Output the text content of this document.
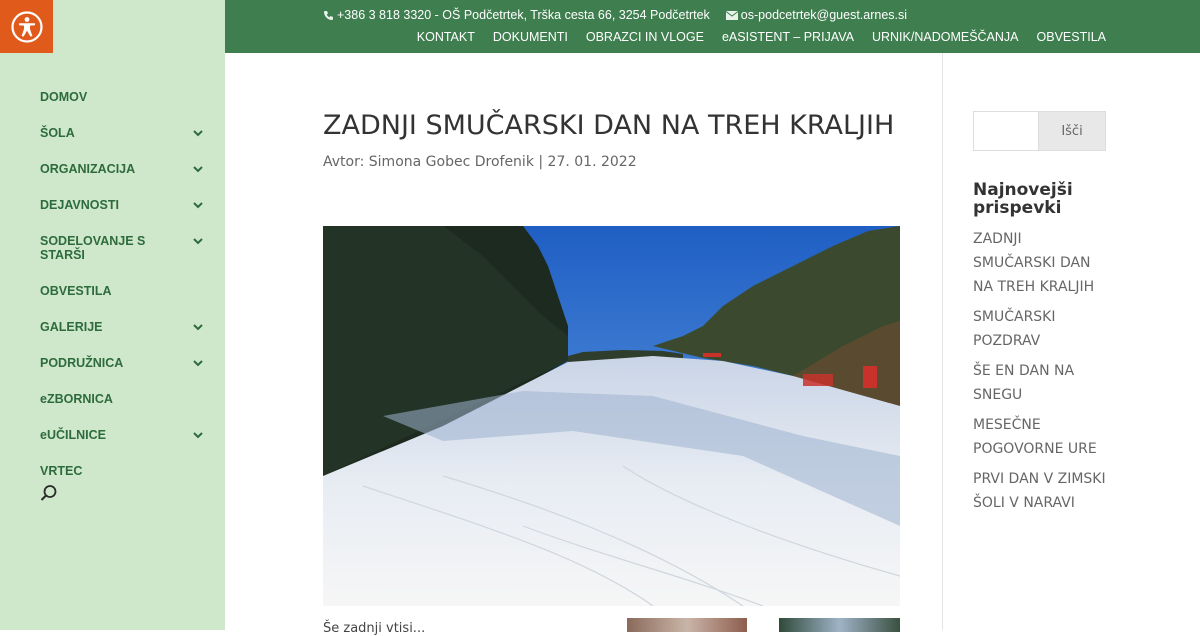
DOMOV
ŠOLA
ORGANIZACIJA
DEJAVNOSTI
SODELOVANJE S STARŠI
OBVESTILA
GALERIJE
PODRUŽNICA
eZBORNICA
eUČILNICE
VRTEC
+386 3 818 3320 - OŠ Podčetrtek, Trška cesta 66, 3254 Podčetrtek os-podcetrtek@guest.arnes.si
KONTAKT DOKUMENTI OBRAZCI IN VLOGE eASISTENT – PRIJAVA URNIK/NADOMEŠČANJA OBVESTILA
ZADNJI SMUČARSKI DAN NA TREH KRALJIH
Avtor: Simona Gobec Drofenik | 27. 01. 2022
Še zadnji vtisi...
Išči
Najnovejši prispevki
ZADNJI SMUČARSKI DAN NA TREH KRALJIH
SMUČARSKI POZDRAV
ŠE EN DAN NA SNEGU
MESEČNE POGOVORNE URE
PRVI DAN V ZIMSKI ŠOLI V NARAVI
